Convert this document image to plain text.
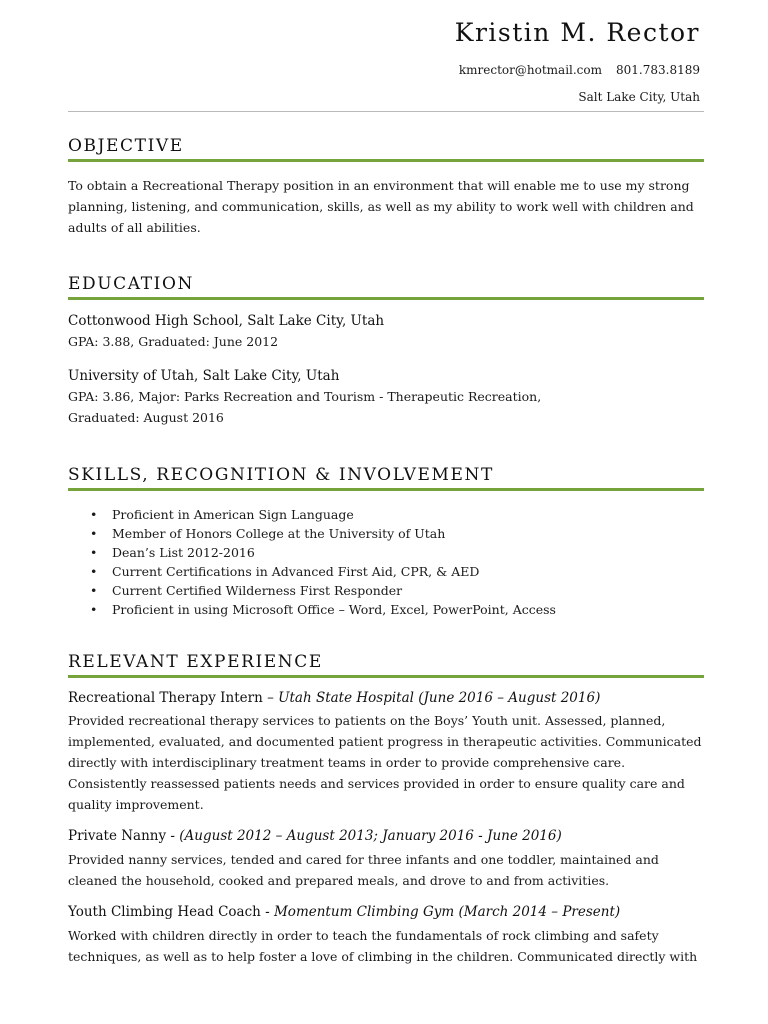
Kristin M. Rector
kmrector@hotmail.com 801.783.8189
Salt Lake City, Utah
OBJECTIVE
To obtain a Recreational Therapy position in an environment that will enable me to use my strong planning, listening, and communication, skills, as well as my ability to work well with children and adults of all abilities.
EDUCATION
Cottonwood High School, Salt Lake City, Utah
GPA: 3.88, Graduated: June 2012
University of Utah, Salt Lake City, Utah
GPA: 3.86, Major: Parks Recreation and Tourism - Therapeutic Recreation,
Graduated: August 2016
SKILLS, RECOGNITION & INVOLVEMENT
• Proficient in American Sign Language
• Member of Honors College at the University of Utah
• Dean’s List 2012-2016
• Current Certifications in Advanced First Aid, CPR, & AED
• Current Certified Wilderness First Responder
• Proficient in using Microsoft Office – Word, Excel, PowerPoint, Access
RELEVANT EXPERIENCE
Recreational Therapy Intern – Utah State Hospital (June 2016 – August 2016)
Provided recreational therapy services to patients on the Boys’ Youth unit. Assessed, planned, implemented, evaluated, and documented patient progress in therapeutic activities. Communicated directly with interdisciplinary treatment teams in order to provide comprehensive care. Consistently reassessed patients needs and services provided in order to ensure quality care and quality improvement.
Private Nanny - (August 2012 – August 2013; January 2016 - June 2016)
Provided nanny services, tended and cared for three infants and one toddler, maintained and cleaned the household, cooked and prepared meals, and drove to and from activities.
Youth Climbing Head Coach - Momentum Climbing Gym (March 2014 – Present)
Worked with children directly in order to teach the fundamentals of rock climbing and safety techniques, as well as to help foster a love of climbing in the children. Communicated directly with
